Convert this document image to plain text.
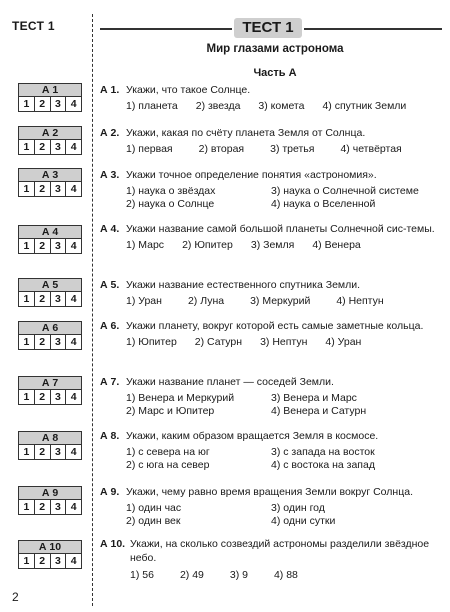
ТЕСТ 1	ТЕСТ 1
Мир глазами астронома
Часть А
А 1
1 2 3 4
А 2
1 2 3 4
А 3
1 2 3 4
А 4
1 2 3 4
А 5
1 2 3 4
А 6
1 2 3 4
А 7
1 2 3 4
А 8
1 2 3 4
А 9
1 2 3 4
А 10
1 2 3 4
А 1. Укажи, что такое Солнце.
1) планета 2) звезда 3) комета 4) спутник Земли
А 2. Укажи, какая по счёту планета Земля от Солнца.
1) первая 2) вторая 3) третья 4) четвёртая
А 3. Укажи точное определение понятия «астрономия».
1) наука о звёздах	3) наука о Солнечной системе
2) наука о Солнце	4) наука о Вселенной
А 4. Укажи название самой большой планеты Солнечной сис-темы.
1) Марс 2) Юпитер 3) Земля 4) Венера
А 5. Укажи название естественного спутника Земли.
1) Уран 2) Луна 3) Меркурий 4) Нептун
А 6. Укажи планету, вокруг которой есть самые заметные кольца.
1) Юпитер 2) Сатурн 3) Нептун 4) Уран
А 7. Укажи название планет — соседей Земли.
1) Венера и Меркурий	3) Венера и Марс
2) Марс и Юпитер	4) Венера и Сатурн
А 8. Укажи, каким образом вращается Земля в космосе.
1) с севера на юг	3) с запада на восток
2) с юга на север	4) с востока на запад
А 9. Укажи, чему равно время вращения Земли вокруг Солнца.
1) один час	3) один год
2) один век	4) одни сутки
А 10. Укажи, на сколько созвездий астрономы разделили звёздное небо.
1) 56 2) 49 3) 9 4) 88
2
